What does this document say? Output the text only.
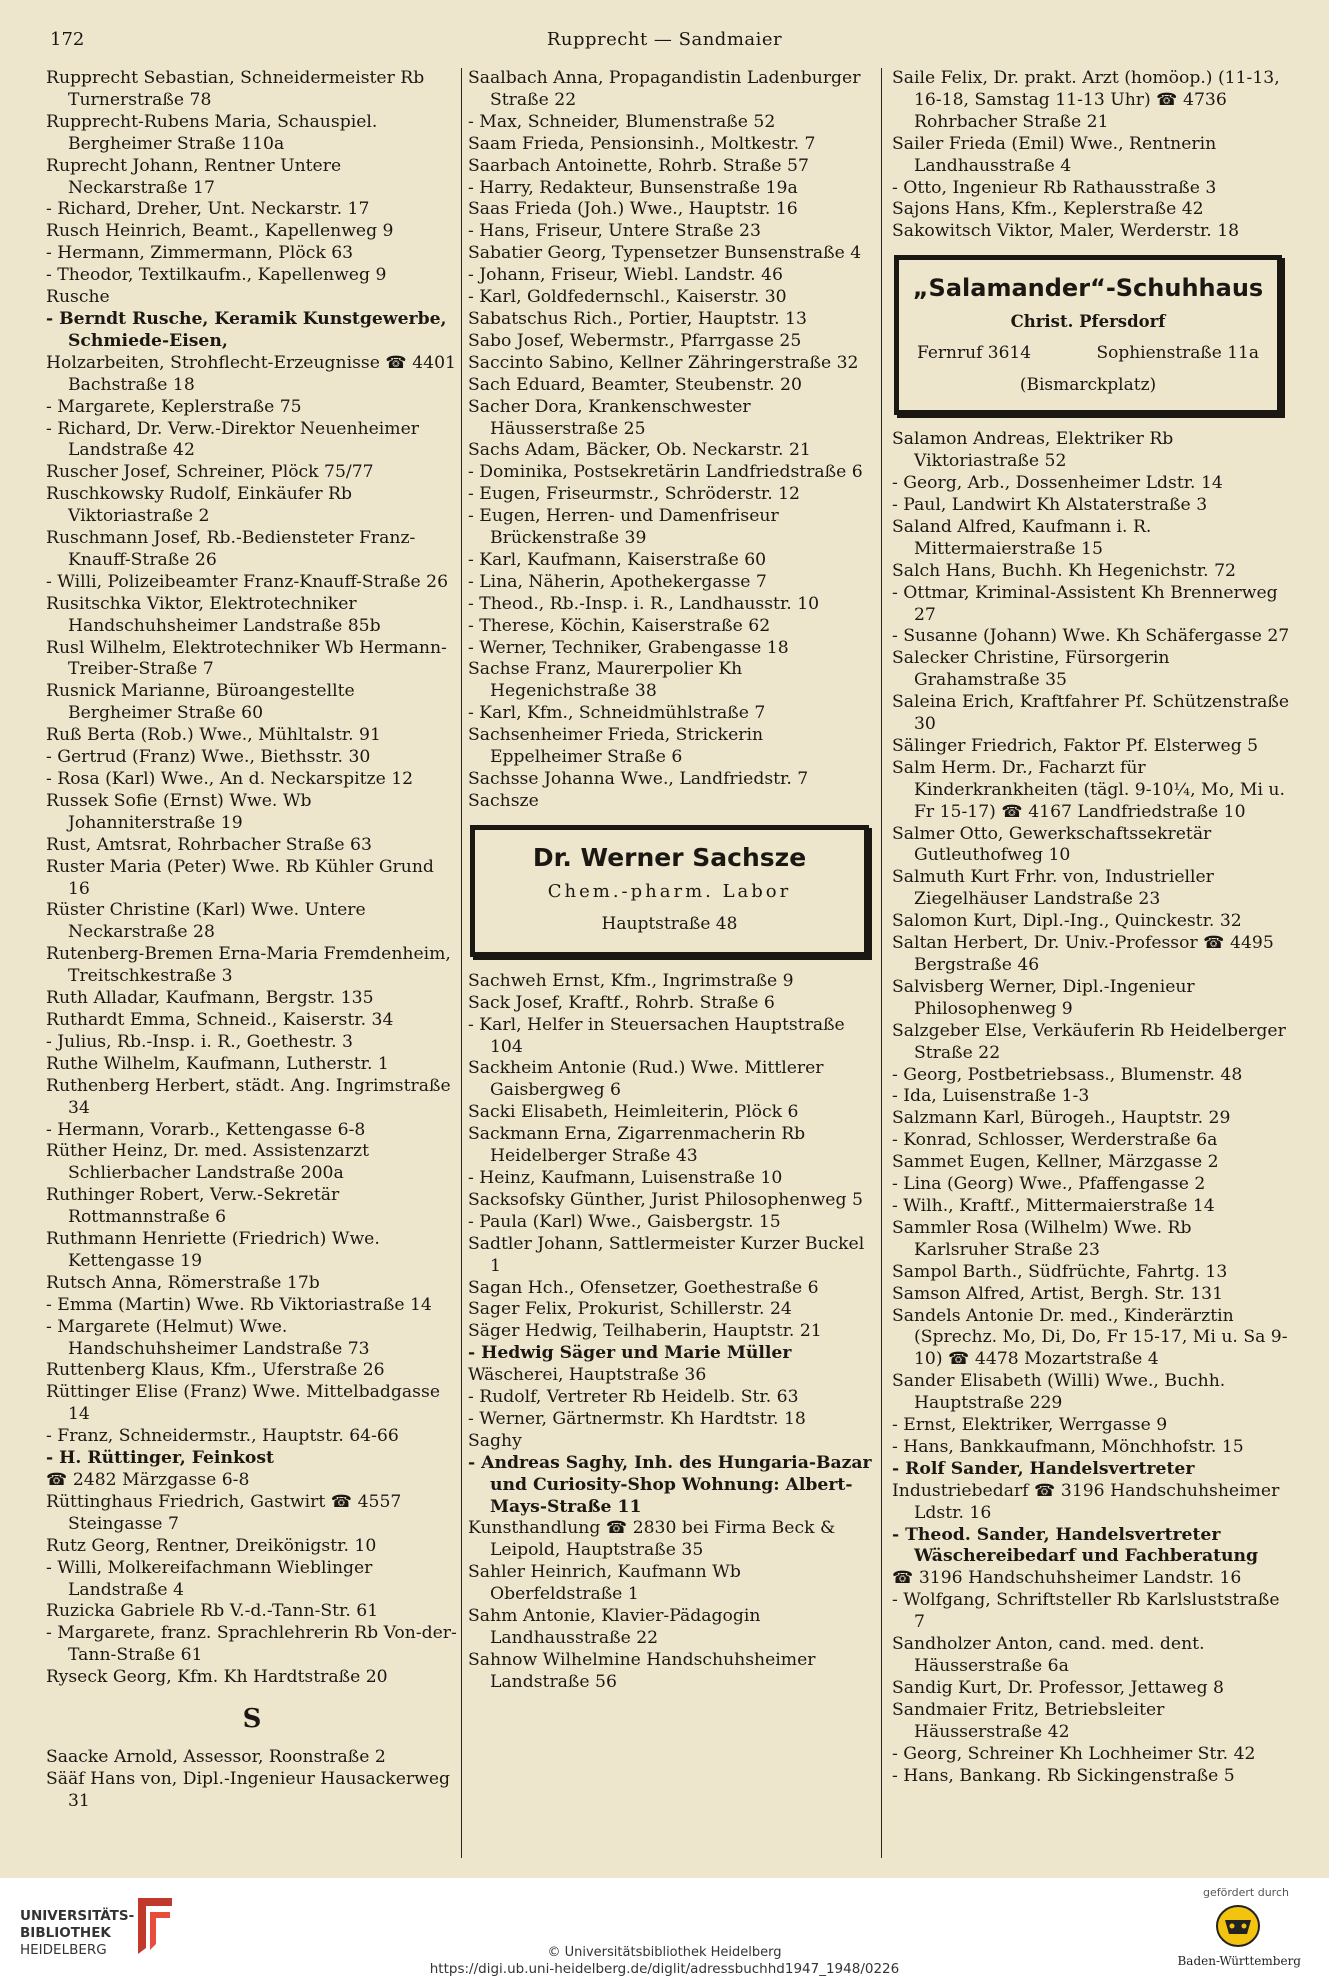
172	Rupprecht — Sandmaier
Rupprecht Sebastian, Schneidermeister Rb Turnerstraße 78
Rupprecht-Rubens Maria, Schauspiel. Bergheimer Straße 110a
Ruprecht Johann, Rentner Untere Neckarstraße 17
- Richard, Dreher, Unt. Neckarstr. 17
Rusch Heinrich, Beamt., Kapellenweg 9
- Hermann, Zimmermann, Plöck 63
- Theodor, Textilkaufm., Kapellenweg 9
Rusche
- Berndt Rusche, Keramik Kunstgewerbe, Schmiede-Eisen,
Holzarbeiten, Strohflecht-Erzeugnisse ☎ 4401 Bachstraße 18
- Margarete, Keplerstraße 75
- Richard, Dr. Verw.-Direktor Neuenheimer Landstraße 42
Ruscher Josef, Schreiner, Plöck 75/77
Ruschkowsky Rudolf, Einkäufer Rb Viktoriastraße 2
Ruschmann Josef, Rb.-Bediensteter Franz-Knauff-Straße 26
- Willi, Polizeibeamter Franz-Knauff-Straße 26
Rusitschka Viktor, Elektrotechniker Handschuhsheimer Landstraße 85b
Rusl Wilhelm, Elektrotechniker Wb Hermann-Treiber-Straße 7
Rusnick Marianne, Büroangestellte Bergheimer Straße 60
Ruß Berta (Rob.) Wwe., Mühltalstr. 91
- Gertrud (Franz) Wwe., Biethsstr. 30
- Rosa (Karl) Wwe., An d. Neckarspitze 12
Russek Sofie (Ernst) Wwe. Wb Johanniterstraße 19
Rust, Amtsrat, Rohrbacher Straße 63
Ruster Maria (Peter) Wwe. Rb Kühler Grund 16
Rüster Christine (Karl) Wwe. Untere Neckarstraße 28
Rutenberg-Bremen Erna-Maria Fremdenheim, Treitschkestraße 3
Ruth Alladar, Kaufmann, Bergstr. 135
Ruthardt Emma, Schneid., Kaiserstr. 34
- Julius, Rb.-Insp. i. R., Goethestr. 3
Ruthe Wilhelm, Kaufmann, Lutherstr. 1
Ruthenberg Herbert, städt. Ang. Ingrimstraße 34
- Hermann, Vorarb., Kettengasse 6-8
Rüther Heinz, Dr. med. Assistenzarzt Schlierbacher Landstraße 200a
Ruthinger Robert, Verw.-Sekretär Rottmannstraße 6
Ruthmann Henriette (Friedrich) Wwe. Kettengasse 19
Rutsch Anna, Römerstraße 17b
- Emma (Martin) Wwe. Rb Viktoriastraße 14
- Margarete (Helmut) Wwe. Handschuhsheimer Landstraße 73
Ruttenberg Klaus, Kfm., Uferstraße 26
Rüttinger Elise (Franz) Wwe. Mittelbadgasse 14
- Franz, Schneidermstr., Hauptstr. 64-66
- H. Rüttinger, Feinkost
☎ 2482 Märzgasse 6-8
Rüttinghaus Friedrich, Gastwirt ☎ 4557 Steingasse 7
Rutz Georg, Rentner, Dreikönigstr. 10
- Willi, Molkereifachmann Wieblinger Landstraße 4
Ruzicka Gabriele Rb V.-d.-Tann-Str. 61
- Margarete, franz. Sprachlehrerin Rb Von-der-Tann-Straße 61
Ryseck Georg, Kfm. Kh Hardtstraße 20
S
Saacke Arnold, Assessor, Roonstraße 2
Sääf Hans von, Dipl.-Ingenieur Hausackerweg 31
Saalbach Anna, Propagandistin Ladenburger Straße 22
- Max, Schneider, Blumenstraße 52
Saam Frieda, Pensionsinh., Moltkestr. 7
Saarbach Antoinette, Rohrb. Straße 57
- Harry, Redakteur, Bunsenstraße 19a
Saas Frieda (Joh.) Wwe., Hauptstr. 16
- Hans, Friseur, Untere Straße 23
Sabatier Georg, Typensetzer Bunsenstraße 4
- Johann, Friseur, Wiebl. Landstr. 46
- Karl, Goldfedernschl., Kaiserstr. 30
Sabatschus Rich., Portier, Hauptstr. 13
Sabo Josef, Webermstr., Pfarrgasse 25
Saccinto Sabino, Kellner Zähringerstraße 32
Sach Eduard, Beamter, Steubenstr. 20
Sacher Dora, Krankenschwester Häusserstraße 25
Sachs Adam, Bäcker, Ob. Neckarstr. 21
- Dominika, Postsekretärin Landfriedstraße 6
- Eugen, Friseurmstr., Schröderstr. 12
- Eugen, Herren- und Damenfriseur Brückenstraße 39
- Karl, Kaufmann, Kaiserstraße 60
- Lina, Näherin, Apothekergasse 7
- Theod., Rb.-Insp. i. R., Landhausstr. 10
- Therese, Köchin, Kaiserstraße 62
- Werner, Techniker, Grabengasse 18
Sachse Franz, Maurerpolier Kh Hegenichstraße 38
- Karl, Kfm., Schneidmühlstraße 7
Sachsenheimer Frieda, Strickerin Eppelheimer Straße 6
Sachsse Johanna Wwe., Landfriedstr. 7
Sachsze
Dr. Werner Sachsze
Chem.-pharm. Labor
Hauptstraße 48
Sachweh Ernst, Kfm., Ingrimstraße 9
Sack Josef, Kraftf., Rohrb. Straße 6
- Karl, Helfer in Steuersachen Hauptstraße 104
Sackheim Antonie (Rud.) Wwe. Mittlerer Gaisbergweg 6
Sacki Elisabeth, Heimleiterin, Plöck 6
Sackmann Erna, Zigarrenmacherin Rb Heidelberger Straße 43
- Heinz, Kaufmann, Luisenstraße 10
Sacksofsky Günther, Jurist Philosophenweg 5
- Paula (Karl) Wwe., Gaisbergstr. 15
Sadtler Johann, Sattlermeister Kurzer Buckel 1
Sagan Hch., Ofensetzer, Goethestraße 6
Sager Felix, Prokurist, Schillerstr. 24
Säger Hedwig, Teilhaberin, Hauptstr. 21
- Hedwig Säger und Marie Müller
Wäscherei, Hauptstraße 36
- Rudolf, Vertreter Rb Heidelb. Str. 63
- Werner, Gärtnermstr. Kh Hardtstr. 18
Saghy
- Andreas Saghy, Inh. des Hungaria-Bazar und Curiosity-Shop Wohnung: Albert-Mays-Straße 11
Kunsthandlung ☎ 2830 bei Firma Beck & Leipold, Hauptstraße 35
Sahler Heinrich, Kaufmann Wb Oberfeldstraße 1
Sahm Antonie, Klavier-Pädagogin Landhausstraße 22
Sahnow Wilhelmine Handschuhsheimer Landstraße 56
Saile Felix, Dr. prakt. Arzt (homöop.) (11-13, 16-18, Samstag 11-13 Uhr) ☎ 4736 Rohrbacher Straße 21
Sailer Frieda (Emil) Wwe., Rentnerin Landhausstraße 4
- Otto, Ingenieur Rb Rathausstraße 3
Sajons Hans, Kfm., Keplerstraße 42
Sakowitsch Viktor, Maler, Werderstr. 18
„Salamander“-Schuhhaus
Christ. Pfersdorf
Fernruf 3614	Sophienstraße 11a
(Bismarckplatz)
Salamon Andreas, Elektriker Rb Viktoriastraße 52
- Georg, Arb., Dossenheimer Ldstr. 14
- Paul, Landwirt Kh Alstaterstraße 3
Saland Alfred, Kaufmann i. R. Mittermaierstraße 15
Salch Hans, Buchh. Kh Hegenichstr. 72
- Ottmar, Kriminal-Assistent Kh Brennerweg 27
- Susanne (Johann) Wwe. Kh Schäfergasse 27
Salecker Christine, Fürsorgerin Grahamstraße 35
Saleina Erich, Kraftfahrer Pf. Schützenstraße 30
Sälinger Friedrich, Faktor Pf. Elsterweg 5
Salm Herm. Dr., Facharzt für Kinderkrankheiten (tägl. 9-10¼, Mo, Mi u. Fr 15-17) ☎ 4167 Landfriedstraße 10
Salmer Otto, Gewerkschaftssekretär Gutleuthofweg 10
Salmuth Kurt Frhr. von, Industrieller Ziegelhäuser Landstraße 23
Salomon Kurt, Dipl.-Ing., Quinckestr. 32
Saltan Herbert, Dr. Univ.-Professor ☎ 4495 Bergstraße 46
Salvisberg Werner, Dipl.-Ingenieur Philosophenweg 9
Salzgeber Else, Verkäuferin Rb Heidelberger Straße 22
- Georg, Postbetriebsass., Blumenstr. 48
- Ida, Luisenstraße 1-3
Salzmann Karl, Bürogeh., Hauptstr. 29
- Konrad, Schlosser, Werderstraße 6a
Sammet Eugen, Kellner, Märzgasse 2
- Lina (Georg) Wwe., Pfaffengasse 2
- Wilh., Kraftf., Mittermaierstraße 14
Sammler Rosa (Wilhelm) Wwe. Rb Karlsruher Straße 23
Sampol Barth., Südfrüchte, Fahrtg. 13
Samson Alfred, Artist, Bergh. Str. 131
Sandels Antonie Dr. med., Kinderärztin (Sprechz. Mo, Di, Do, Fr 15-17, Mi u. Sa 9-10) ☎ 4478 Mozartstraße 4
Sander Elisabeth (Willi) Wwe., Buchh. Hauptstraße 229
- Ernst, Elektriker, Werrgasse 9
- Hans, Bankkaufmann, Mönchhofstr. 15
- Rolf Sander, Handelsvertreter
Industriebedarf ☎ 3196 Handschuhsheimer Ldstr. 16
- Theod. Sander, Handelsvertreter Wäschereibedarf und Fachberatung
☎ 3196 Handschuhsheimer Landstr. 16
- Wolfgang, Schriftsteller Rb Karlsluststraße 7
Sandholzer Anton, cand. med. dent. Häusserstraße 6a
Sandig Kurt, Dr. Professor, Jettaweg 8
Sandmaier Fritz, Betriebsleiter Häusserstraße 42
- Georg, Schreiner Kh Lochheimer Str. 42
- Hans, Bankang. Rb Sickingenstraße 5
UNIVERSITÄTS-
BIBLIOTHEK
HEIDELBERG	© Universitätsbibliothek Heidelberg
https://digi.ub.uni-heidelberg.de/diglit/adressbuchhd1947_1948/0226
gefördert durch
Baden-Württemberg
